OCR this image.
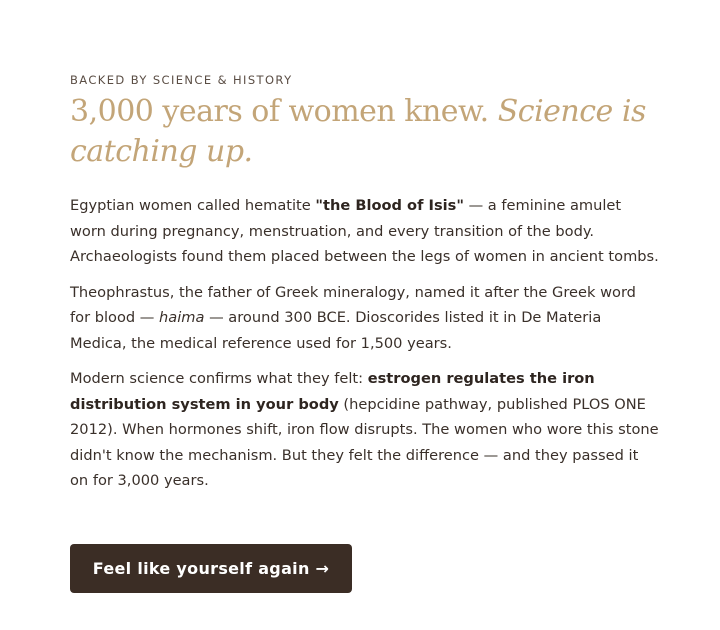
BACKED BY SCIENCE & HISTORY

3,000 years of women knew. Science is catching up.

Egyptian women called hematite "the Blood of Isis" — a feminine amulet worn during pregnancy, menstruation, and every transition of the body. Archaeologists found them placed between the legs of women in ancient tombs.

Theophrastus, the father of Greek mineralogy, named it after the Greek word for blood — haima — around 300 BCE. Dioscorides listed it in De Materia Medica, the medical reference used for 1,500 years.

Modern science confirms what they felt: estrogen regulates the iron distribution system in your body (hepcidine pathway, published PLOS ONE 2012). When hormones shift, iron flow disrupts. The women who wore this stone didn't know the mechanism. But they felt the difference — and they passed it on for 3,000 years.

Feel like yourself again →
